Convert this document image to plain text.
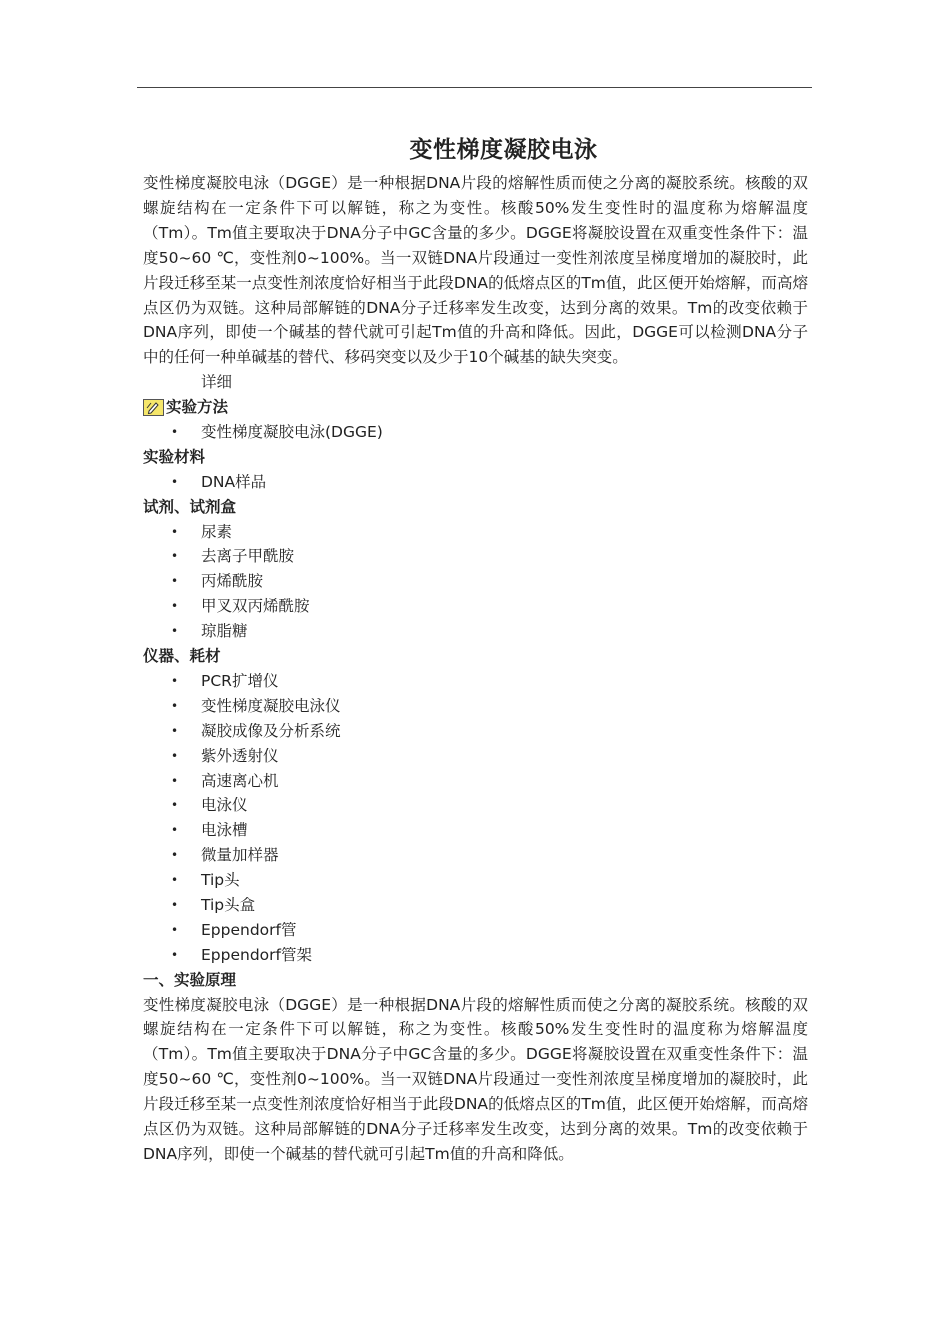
变性梯度凝胶电泳

变性梯度凝胶电泳（DGGE）是一种根据DNA片段的熔解性质而使之分离的凝胶系统。核酸的双螺旋结构在一定条件下可以解链，称之为变性。核酸50%发生变性时的温度称为熔解温度（Tm）。Tm值主要取决于DNA分子中GC含量的多少。DGGE将凝胶设置在双重变性条件下：温度50~60 ℃，变性剂0~100%。当一双链DNA片段通过一变性剂浓度呈梯度增加的凝胶时，此片段迁移至某一点变性剂浓度恰好相当于此段DNA的低熔点区的Tm值，此区便开始熔解，而高熔点区仍为双链。这种局部解链的DNA分子迁移率发生改变，达到分离的效果。Tm的改变依赖于DNA序列，即使一个碱基的替代就可引起Tm值的升高和降低。因此，DGGE可以检测DNA分子中的任何一种单碱基的替代、移码突变以及少于10个碱基的缺失突变。

详细
实验方法
• 变性梯度凝胶电泳(DGGE)
实验材料
• DNA样品
试剂、试剂盒
• 尿素
• 去离子甲酰胺
• 丙烯酰胺
• 甲叉双丙烯酰胺
• 琼脂糖
仪器、耗材
• PCR扩增仪
• 变性梯度凝胶电泳仪
• 凝胶成像及分析系统
• 紫外透射仪
• 高速离心机
• 电泳仪
• 电泳槽
• 微量加样器
• Tip头
• Tip头盒
• Eppendorf管
• Eppendorf管架
一、实验原理

变性梯度凝胶电泳（DGGE）是一种根据DNA片段的熔解性质而使之分离的凝胶系统。核酸的双螺旋结构在一定条件下可以解链，称之为变性。核酸50%发生变性时的温度称为熔解温度（Tm）。Tm值主要取决于DNA分子中GC含量的多少。DGGE将凝胶设置在双重变性条件下：温度50~60 ℃，变性剂0~100%。当一双链DNA片段通过一变性剂浓度呈梯度增加的凝胶时，此片段迁移至某一点变性剂浓度恰好相当于此段DNA的低熔点区的Tm值，此区便开始熔解，而高熔点区仍为双链。这种局部解链的DNA分子迁移率发生改变，达到分离的效果。Tm的改变依赖于DNA序列，即使一个碱基的替代就可引起Tm值的升高和降低。
